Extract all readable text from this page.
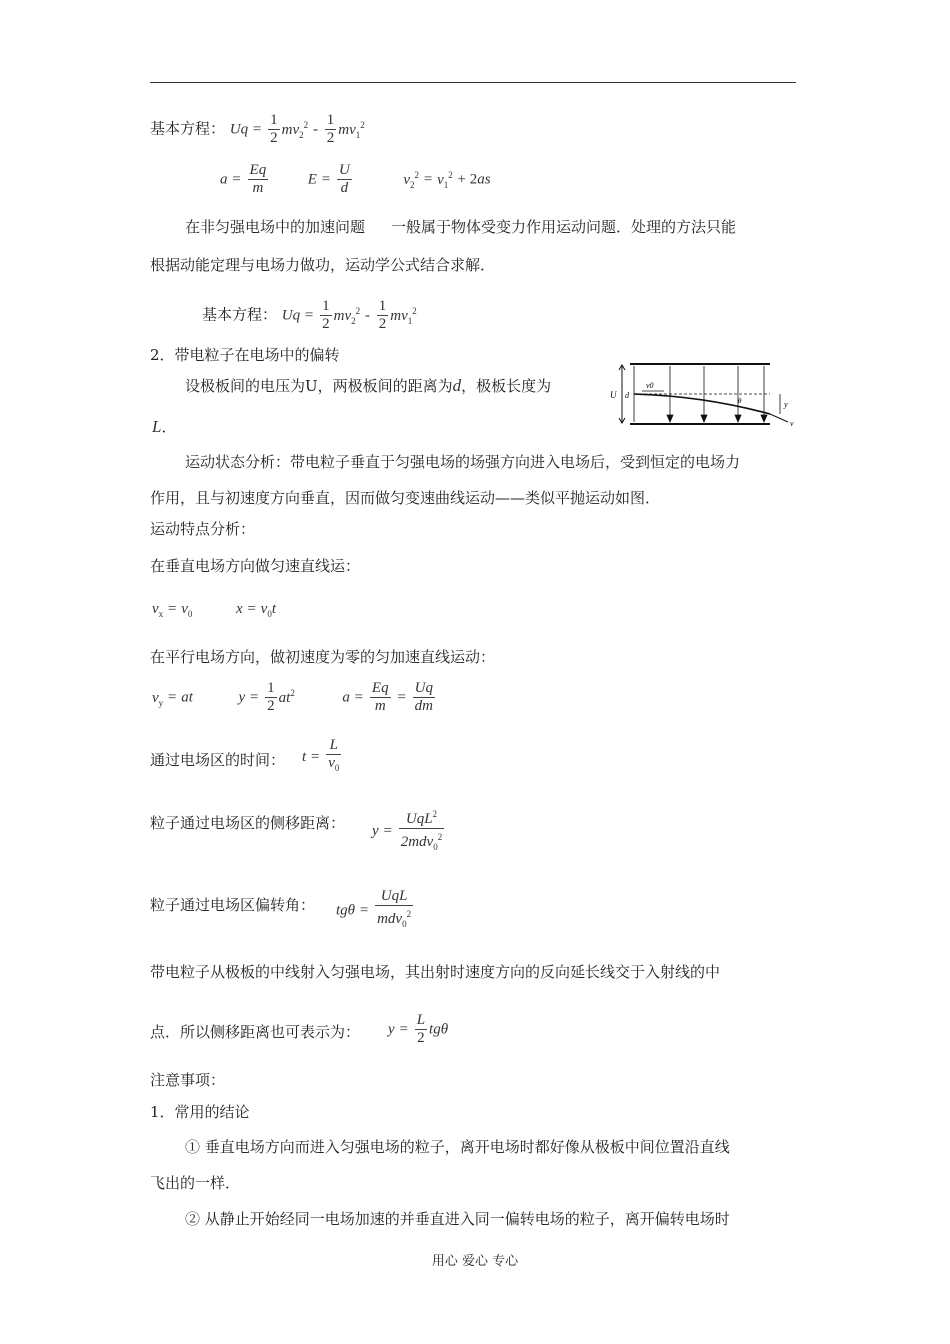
基本方程： $Uq = \frac{1}{2} mv_2^2 - \frac{1}{2} mv_1^2$
$a = \frac{Eq}{m}$	$E = \frac{U}{d}$	$v_2^2 = v_1^2 + 2as$
在非匀强电场中的加速问题 一般属于物体受变力作用运动问题．处理的方法只能
根据动能定理与电场力做功，运动学公式结合求解．
基本方程： $Uq = \frac{1}{2} mv_2^2 - \frac{1}{2} mv_1^2$
2．带电粒子在电场中的偏转
设极板间的电压为U，两极板间的距离为d，极板长度为
L．
U d
v0
v
θ	y
运动状态分析：带电粒子垂直于匀强电场的场强方向进入电场后，受到恒定的电场力
作用，且与初速度方向垂直，因而做匀变速曲线运动——类似平抛运动如图．
运动特点分析：
在垂直电场方向做匀速直线运：
$v_x = v_0$	$x = v_0t$
在平行电场方向，做初速度为零的匀加速直线运动：
$v_y$ = at	$y = \frac{1}{2} at^2$	$a = \frac{Eq}{m} = \frac{Uq}{dm}$
通过电场区的时间： $t = \frac{L}{v_0}$
粒子通过电场区的侧移距离： $y = \frac{UqL^2}{2mdv_0^2}$
粒子通过电场区偏转角： $tg\theta = \frac{\text{UqL}}{mdv_0^2}$
带电粒子从极板的中线射入匀强电场，其出射时速度方向的反向延长线交于入射线的中
点．所以侧移距离也可表示为： $y = \frac{L}{2}$ tgθ
注意事项：
1．常用的结论
① 垂直电场方向而进入匀强电场的粒子，离开电场时都好像从极板中间位置沿直线
飞出的一样．
② 从静止开始经同一电场加速的并垂直进入同一偏转电场的粒子，离开偏转电场时
用心 爱心 专心
